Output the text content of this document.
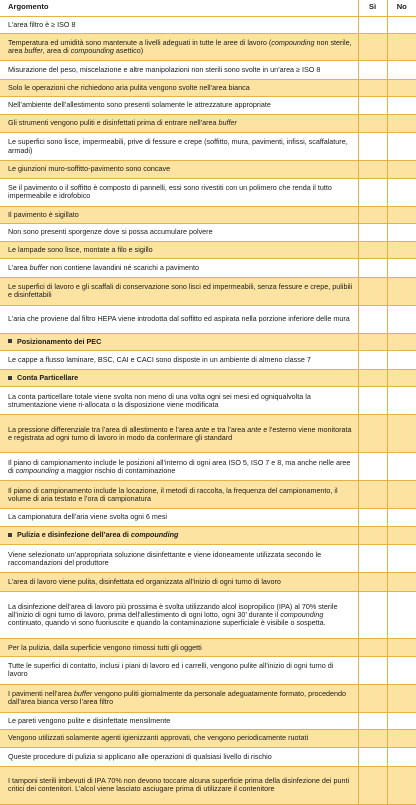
Argomento	Sì	No
L’area filtro è ≥ ISO 8		
Temperatura ed umidità sono mantenute a livelli adeguati in tutte le aree di lavoro (compounding non sterile, area buffer, area di compounding asettico)		
Misurazione del peso, miscelazione e altre manipolazioni non sterili sono svolte in un’area ≥ ISO 8		
Solo le operazioni che richiedono aria pulita vengono svolte nell’area bianca		
Nell’ambiente dell’allestimento sono presenti solamente le attrezzature appropriate		
Gli strumenti vengono puliti e disinfettati prima di entrare nell’area buffer		
Le superfici sono lisce, impermeabili, prive di fessure e crepe (soffitto, mura, pavimenti, infissi, scaffalature, armadi)		
Le giunzioni muro-soffitto-pavimento sono concave		
Se il pavimento o il soffitto è composto di pannelli, essi sono rivestiti con un polimero che renda il tutto impermeabile e idrofobico		
Il pavimento è sigillato		
Non sono presenti sporgenze dove si possa accumulare polvere		
Le lampade sono lisce, montate a filo e sigillo		
L’area buffer non contiene lavandini né scarichi a pavimento		
Le superfici di lavoro e gli scaffali di conservazione sono lisci ed impermeabili, senza fessure e crepe, pulibili e disinfettabili		
L’aria che proviene dal filtro HEPA viene introdotta dal soffitto ed aspirata nella porzione inferiore delle mura		
Posizionamento dei PEC		
Le cappe a flusso laminare, BSC, CAI e CACI sono disposte in un ambiente di almeno classe 7		
Conta Particellare		
La conta particellare totale viene svolta non meno di una volta ogni sei mesi ed ogniqualvolta la strumentazione viene ri-allocata o la disposizione viene modificata		
La pressione differenziale tra l’area di allestimento e l’area ante e tra l’area ante e l’esterno viene monitorata e registrata ad ogni turno di lavoro in modo da confermare gli standard		
Il piano di campionamento include le posizioni all’interno di ogni area ISO 5, ISO 7 e 8, ma anche nelle aree di compounding a maggior rischio di contaminazione		
Il piano di campionamento include la locazione, il metodi di raccolta, la frequenza del campionamento, il volume di aria testato e l’ora di campionatura		
La campionatura dell’aria viene svolta ogni 6 mesi		
Pulizia e disinfezione dell’area di compounding		
Viene selezionato un’appropriata soluzione disinfettante e viene idoneamente utilizzata secondo le raccomandazioni del produttore		
L’area di lavoro viene pulita, disinfettata ed organizzata all’inizio di ogni turno di lavoro		
La disinfezione dell’area di lavoro più prossima è svolta utilizzando alcol isopropilico (IPA) al 70% sterile all’inizio di ogni turno di lavoro, prima dell’allestimento di ogni lotto, ogni 30’ durante il compounding continuato, quando vi sono fuoriuscite e quando la contaminazione superficiale è visibile o sospetta.		
Per la pulizia, dalla superficie vengono rimossi tutti gli oggetti		
Tutte le superfici di contatto, inclusi i piani di lavoro ed i carrelli, vengono pulite all’inizio di ogni turno di lavoro		
I pavimenti nell’area buffer vengono puliti giornalmente da personale adeguatamente formato, procedendo dall’area bianca verso l’area filtro		
Le pareti vengono pulite e disinfettate mensilmente		
Vengono utilizzati solamente agenti igienizzanti approvati, che vengono periodicamente ruotati		
Queste procedure di pulizia si applicano alle operazioni di qualsiasi livello di rischio		
I tamponi sterili imbevuti di IPA 70% non devono toccare alcuna superficie prima della disinfezione dei punti critici dei contenitori. L’alcol viene lasciato asciugare prima di utilizzare il contenitore		
